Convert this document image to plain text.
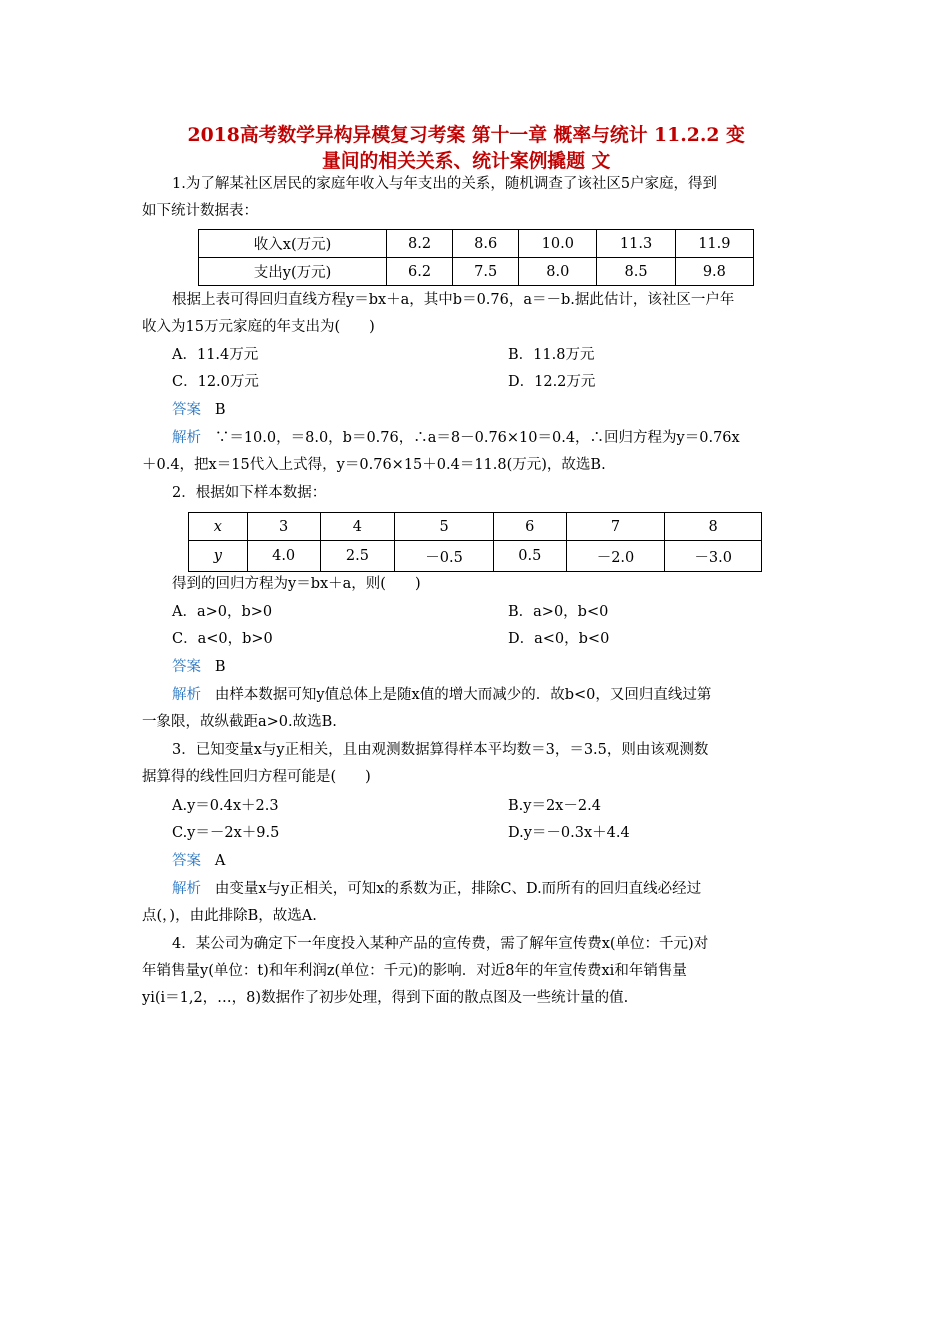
2018高考数学异构异模复习考案 第十一章 概率与统计 11.2.2 变
量间的相关关系、统计案例撬题 文
1.为了解某社区居民的家庭年收入与年支出的关系，随机调查了该社区5户家庭，得到
如下统计数据表：
收入x(万元)	8.2	8.6	10.0	11.3	11.9
支出y(万元)	6.2	7.5	8.0	8.5	9.8
根据上表可得回归直线方程y＝bx＋a，其中b＝0.76，a＝－b.据此估计，该社区一户年
收入为15万元家庭的年支出为(　　)
A．11.4万元	B．11.8万元
C．12.0万元	D．12.2万元
答案 B
解析 ∵＝10.0，＝8.0，b＝0.76，∴a＝8－0.76×10＝0.4，∴回归方程为y＝0.76x
＋0.4，把x＝15代入上式得，y＝0.76×15＋0.4＝11.8(万元)，故选B.
2．根据如下样本数据：
x	3	4	5	6	7	8
y	4.0	2.5	－0.5	0.5	－2.0	－3.0
得到的回归方程为y＝bx＋a，则(　　)
A．a>0，b>0	B．a>0，b<0
C．a<0，b>0	D．a<0，b<0
答案 B
解析 由样本数据可知y值总体上是随x值的增大而减少的．故b<0，又回归直线过第
一象限，故纵截距a>0.故选B.
3．已知变量x与y正相关，且由观测数据算得样本平均数＝3，＝3.5，则由该观测数
据算得的线性回归方程可能是(　　)
A.y＝0.4x＋2.3	B.y＝2x－2.4
C.y＝－2x＋9.5	D.y＝－0.3x＋4.4
答案 A
解析 由变量x与y正相关，可知x的系数为正，排除C、D.而所有的回归直线必经过
点(，)，由此排除B，故选A.
4．某公司为确定下一年度投入某种产品的宣传费，需了解年宣传费x(单位：千元)对
年销售量y(单位：t)和年利润z(单位：千元)的影响．对近8年的年宣传费xi和年销售量
yi(i＝1,2，…，8)数据作了初步处理，得到下面的散点图及一些统计量的值.
